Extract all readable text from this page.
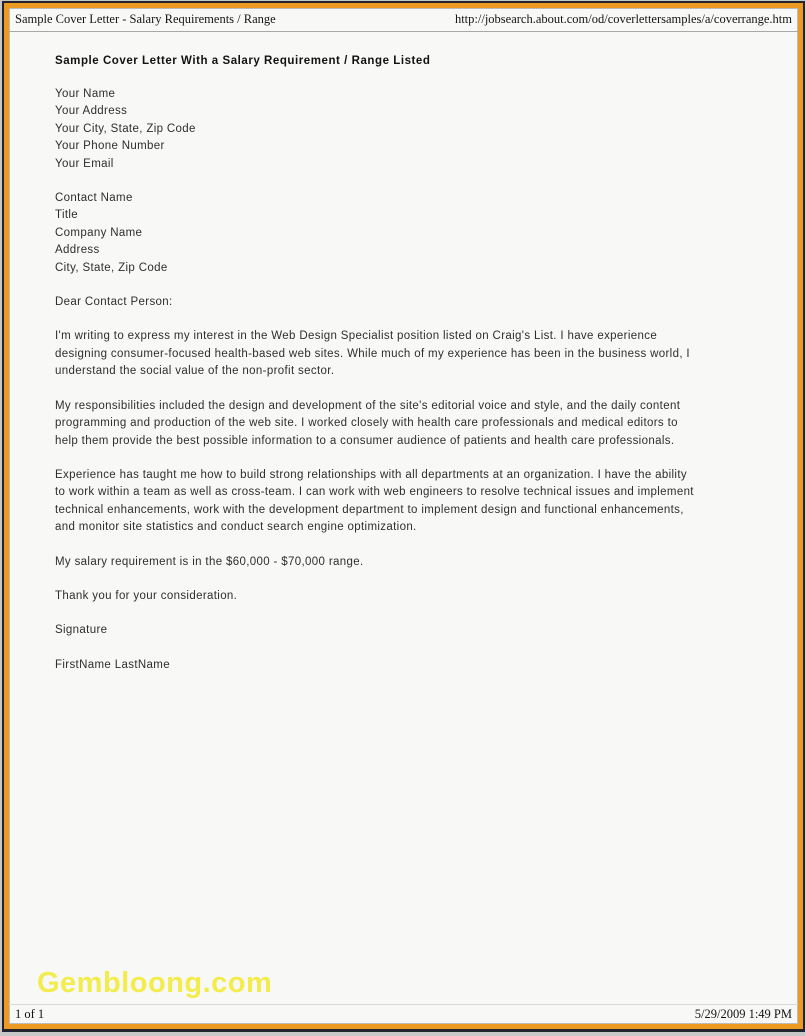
Sample Cover Letter - Salary Requirements / Range	http://jobsearch.about.com/od/coverlettersamples/a/coverrange.htm
Sample Cover Letter With a Salary Requirement / Range Listed
Your Name
Your Address
Your City, State, Zip Code
Your Phone Number
Your Email
Contact Name
Title
Company Name
Address
City, State, Zip Code
Dear Contact Person:
I'm writing to express my interest in the Web Design Specialist position listed on Craig's List. I have experience
designing consumer-focused health-based web sites. While much of my experience has been in the business world, I
understand the social value of the non-profit sector.
My responsibilities included the design and development of the site's editorial voice and style, and the daily content
programming and production of the web site. I worked closely with health care professionals and medical editors to
help them provide the best possible information to a consumer audience of patients and health care professionals.
Experience has taught me how to build strong relationships with all departments at an organization. I have the ability
to work within a team as well as cross-team. I can work with web engineers to resolve technical issues and implement
technical enhancements, work with the development department to implement design and functional enhancements,
and monitor site statistics and conduct search engine optimization.
My salary requirement is in the $60,000 - $70,000 range.
Thank you for your consideration.
Signature
FirstName LastName
Gembloong.com
1 of 1	5/29/2009 1:49 PM
